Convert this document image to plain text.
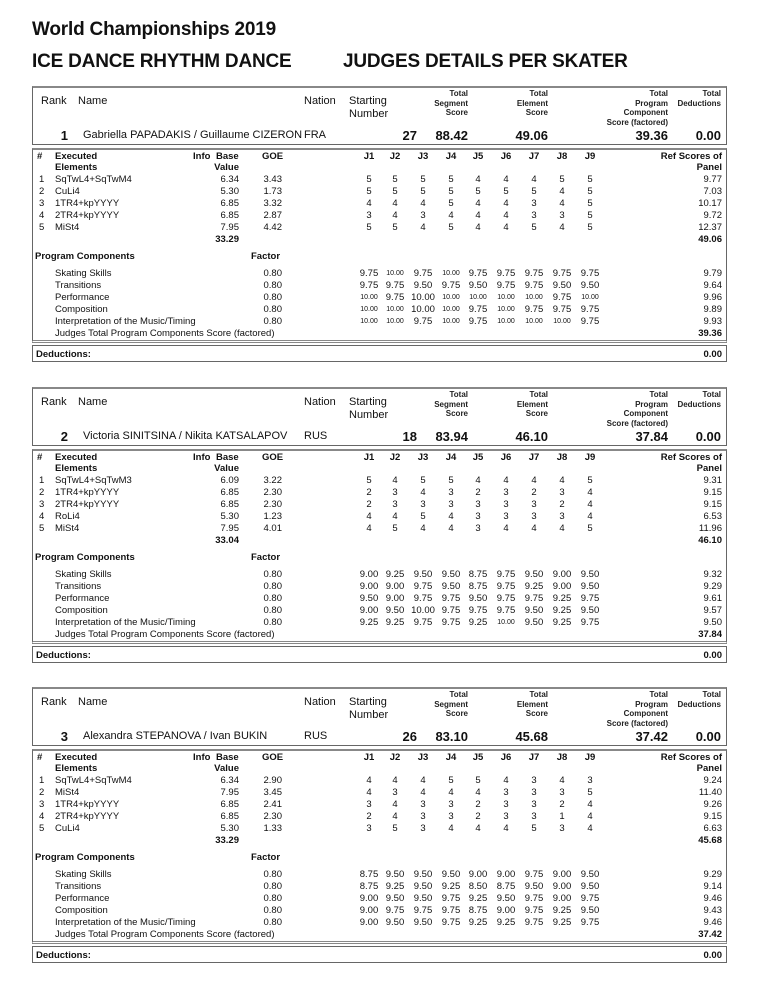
World Championships 2019
ICE DANCE RHYTHM DANCE	JUDGES DETAILS PER SKATER
Rank Name	Nation Starting
Number
Total
Segment
Score
Total
Element
Score
Total
Program
Component
Score (factored)
Total
Deductions
1 Gabriella PAPADAKIS / Guillaume CIZERON FRA	27	88.42	49.06	39.36	0.00
# Executed
Elements
Info Base
Value
GOE	J1	J2	J3	J4	J5	J6	J7	J8	J9	Ref Scores of
Panel
1 SqTwL4+SqTwM4	6.34	3.43	5	5	5	5	4	4	4	5	5	9.77
2 CuLi4	5.30	1.73	5	5	5	5	5	5	5	4	5	7.03
3 1TR4+kpYYYY	6.85	3.32	4	4	4	5	4	4	3	4	5	10.17
4 2TR4+kpYYYY	6.85	2.87	3	4	3	4	4	4	3	3	5	9.72
5 MiSt4	7.95	4.42	5	5	4	5	4	4	5	4	5	12.37
33.29	49.06
Program Components	Factor
Skating Skills	0.80	9.75	10.00	9.75	10.00 9.75	9.75	9.75	9.75	9.75	9.79
Transitions	0.80	9.75 9.75	9.50	9.75 9.50	9.75	9.75	9.50	9.50	9.64
Performance	0.80	10.00 9.75 10.00	10.00	10.00	10.00	10.00	9.75	10.00	9.96
Composition	0.80	10.00	10.00 10.00	10.00 9.75	10.00	9.75	9.75	9.75	9.89
Interpretation of the Music/Timing	0.80	10.00	10.00	9.75	10.00 9.75	10.00	10.00	10.00	9.75	9.93
Judges Total Program Components Score (factored)	39.36
Deductions:	0.00
Rank Name	Nation Starting
Number
Total
Segment
Score
Total
Element
Score
Total
Program
Component
Score (factored)
Total
Deductions
2 Victoria SINITSINA / Nikita KATSALAPOV RUS	18	83.94	46.10	37.84	0.00
# Executed
Elements
Info Base
Value
GOE	J1	J2	J3	J4	J5	J6	J7	J8	J9	Ref Scores of
Panel
1 SqTwL4+SqTwM3	6.09	3.22	5	4	5	5	4	4	4	4	5	9.31
2 1TR4+kpYYYY	6.85	2.30	2	3	4	3	2	3	2	3	4	9.15
3 2TR4+kpYYYY	6.85	2.30	2	3	3	3	3	3	3	2	4	9.15
4 RoLi4	5.30	1.23	4	4	5	4	3	3	3	3	4	6.53
5 MiSt4	7.95	4.01	4	5	4	4	3	4	4	4	5	11.96
33.04	46.10
Program Components	Factor
Skating Skills	0.80	9.00 9.25	9.50	9.50 8.75	9.75	9.50	9.00	9.50	9.32
Transitions	0.80	9.00 9.00	9.75	9.50 8.75	9.75	9.25	9.00	9.50	9.29
Performance	0.80	9.50 9.00	9.75	9.75 9.50	9.75	9.75	9.25	9.75	9.61
Composition	0.80	9.00 9.50 10.00 9.75 9.75	9.75	9.50	9.25	9.50	9.57
Interpretation of the Music/Timing	0.80	9.25 9.25	9.75	9.75 9.25	10.00	9.50	9.25	9.75	9.50
Judges Total Program Components Score (factored)	37.84
Deductions:	0.00
Rank Name	Nation Starting
Number
Total
Segment
Score
Total
Element
Score
Total
Program
Component
Score (factored)
Total
Deductions
3 Alexandra STEPANOVA / Ivan BUKIN	RUS	26	83.10	45.68	37.42	0.00
# Executed
Elements
Info Base
Value
GOE	J1	J2	J3	J4	J5	J6	J7	J8	J9	Ref Scores of
Panel
1 SqTwL4+SqTwM4	6.34	2.90	4	4	4	5	5	4	3	4	3	9.24
2 MiSt4	7.95	3.45	4	3	4	4	4	3	3	3	5	11.40
3 1TR4+kpYYYY	6.85	2.41	3	4	3	3	2	3	3	2	4	9.26
4 2TR4+kpYYYY	6.85	2.30	2	4	3	3	2	3	3	1	4	9.15
5 CuLi4	5.30	1.33	3	5	3	4	4	4	5	3	4	6.63
33.29	45.68
Program Components	Factor
Skating Skills	0.80	8.75 9.50	9.50	9.50 9.00	9.00	9.75	9.00	9.50	9.29
Transitions	0.80	8.75 9.25	9.50	9.25 8.50	8.75	9.50	9.00	9.50	9.14
Performance	0.80	9.00 9.50	9.50	9.75 9.25	9.50	9.75	9.00	9.75	9.46
Composition	0.80	9.00 9.75	9.75	9.75 8.75	9.00	9.75	9.25	9.50	9.43
Interpretation of the Music/Timing	0.80	9.00 9.50	9.50	9.75 9.25	9.25	9.75	9.25	9.75	9.46
Judges Total Program Components Score (factored)	37.42
Deductions:	0.00
